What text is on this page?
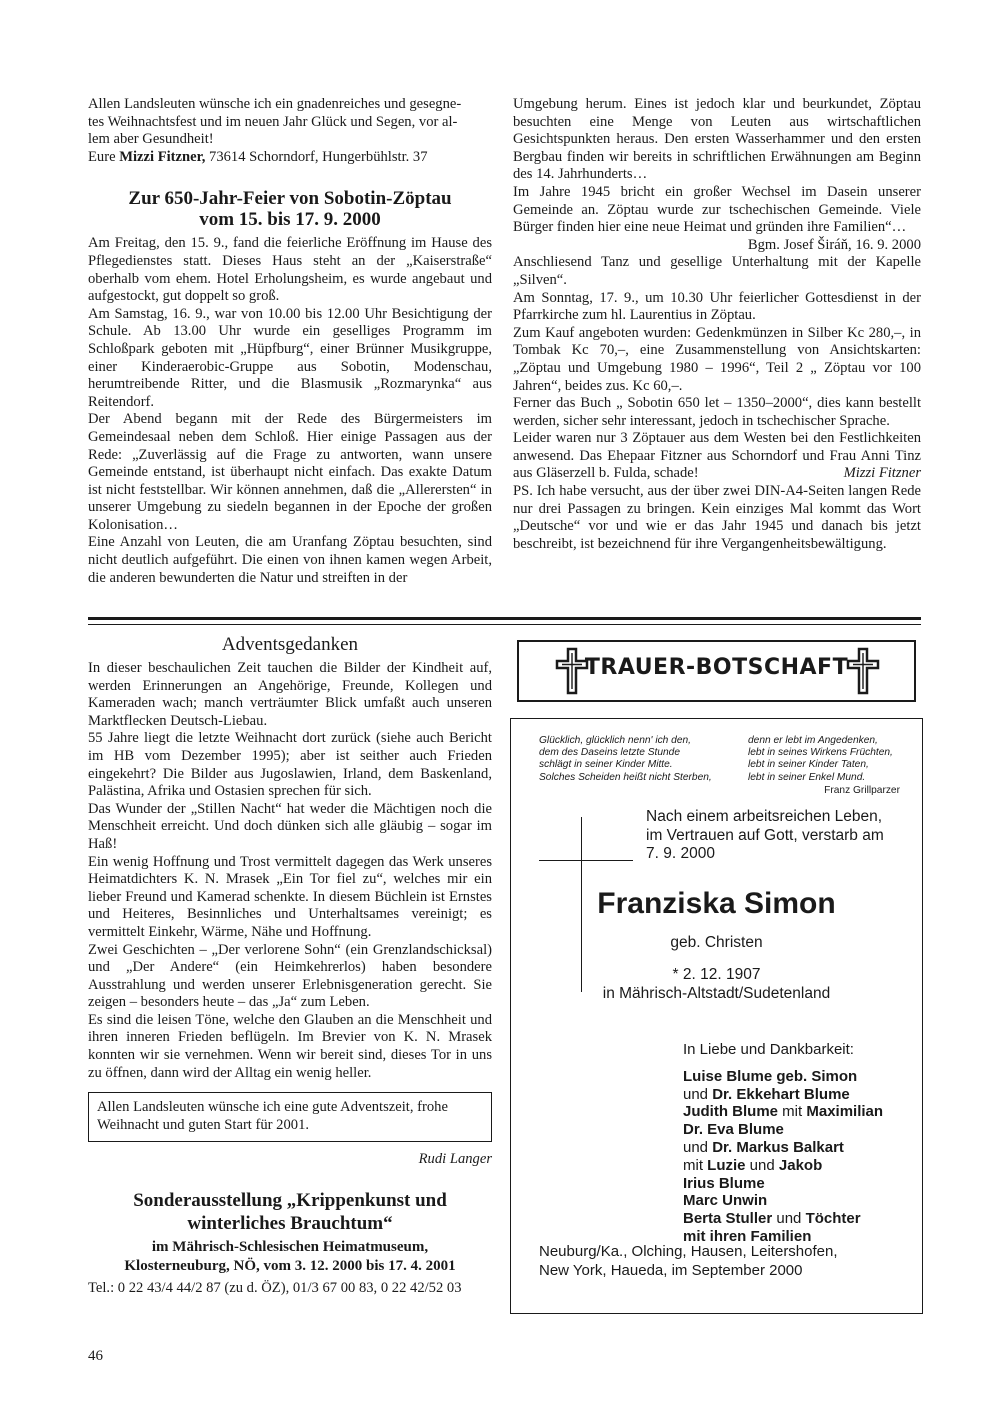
Allen Landsleuten wünsche ich ein gnadenreiches und gesegne-

tes Weihnachtsfest und im neuen Jahr Glück und Segen, vor al-

lem aber Gesundheit!

Eure Mizzi Fitzner, 73614 Schorndorf, Hungerbühlstr. 37

Zur 650-Jahr-Feier von Sobotin-Zöptau
vom 15. bis 17. 9. 2000

Am Freitag, den 15. 9., fand die feierliche Eröffnung im Hause des Pflegedienstes statt. Dieses Haus steht an der „Kaiserstraße“ oberhalb vom ehem. Hotel Erholungsheim, es wurde angebaut und aufgestockt, gut doppelt so groß.

Am Samstag, 16. 9., war von 10.00 bis 12.00 Uhr Besichtigung der Schule. Ab 13.00 Uhr wurde ein geselliges Programm im Schloßpark geboten mit „Hüpfburg“, einer Brünner Musikgruppe, einer Kinderaerobic-Gruppe aus Sobotin, Modenschau, herumtreibende Ritter, und die Blasmusik „Rozmarynka“ aus Reitendorf.

Der Abend begann mit der Rede des Bürgermeisters im Gemeindesaal neben dem Schloß. Hier einige Passagen aus der Rede: „Zuverlässig auf die Frage zu antworten, wann unsere Gemeinde entstand, ist überhaupt nicht einfach. Das exakte Datum ist nicht feststellbar. Wir können annehmen, daß die „Allerersten“ in unserer Umgebung zu siedeln begannen in der Epoche der großen Kolonisation…

Eine Anzahl von Leuten, die am Uranfang Zöptau besuchten, sind nicht deutlich aufgeführt. Die einen von ihnen kamen wegen Arbeit, die anderen bewunderten die Natur und streiften in der

Umgebung herum. Eines ist jedoch klar und beurkundet, Zöptau besuchten eine Menge von Leuten aus wirtschaftlichen Gesichtspunkten heraus. Den ersten Wasserhammer und den ersten Bergbau finden wir bereits in schriftlichen Erwähnungen am Beginn des 14. Jahrhunderts…

Im Jahre 1945 bricht ein großer Wechsel im Dasein unserer Gemeinde an. Zöptau wurde zur tschechischen Gemeinde. Viele Bürger finden hier eine neue Heimat und gründen ihre Familien“…
Bgm. Josef Širáň, 16. 9. 2000

Anschliesend Tanz und gesellige Unterhaltung mit der Kapelle „Silven“.

Am Sonntag, 17. 9., um 10.30 Uhr feierlicher Gottesdienst in der Pfarrkirche zum hl. Laurentius in Zöptau.

Zum Kauf angeboten wurden: Gedenkmünzen in Silber Kc 280,–, in Tombak Kc 70,–, eine Zusammenstellung von Ansichtskarten: „Zöptau und Umgebung 1980 – 1996“, Teil 2 „ Zöptau vor 100 Jahren“, beides zus. Kc 60,–.

Ferner das Buch „ Sobotin 650 let – 1350–2000“, dies kann bestellt werden, sicher sehr interessant, jedoch in tschechischer Sprache.

Leider waren nur 3 Zöptauer aus dem Westen bei den Festlichkeiten anwesend. Das Ehepaar Fitzner aus Schorndorf und Frau Anni Tinz aus Gläserzell b. Fulda, schade!	Mizzi Fitzner

PS. Ich habe versucht, aus der über zwei DIN-A4-Seiten langen Rede nur drei Passagen zu bringen. Kein einziges Mal kommt das Wort „Deutsche“ vor und wie er das Jahr 1945 und danach bis jetzt beschreibt, ist bezeichnend für ihre Vergangenheitsbewältigung.

Adventsgedanken

In dieser beschaulichen Zeit tauchen die Bilder der Kindheit auf, werden Erinnerungen an Angehörige, Freunde, Kollegen und Kameraden wach; manch verträumter Blick umfaßt auch unseren Marktflecken Deutsch-Liebau.

55 Jahre liegt die letzte Weihnacht dort zurück (siehe auch Bericht im HB vom Dezember 1995); aber ist seither auch Frieden eingekehrt? Die Bilder aus Jugoslawien, Irland, dem Baskenland, Palästina, Afrika und Ostasien sprechen für sich.

Das Wunder der „Stillen Nacht“ hat weder die Mächtigen noch die Menschheit erreicht. Und doch dünken sich alle gläubig – sogar im Haß!

Ein wenig Hoffnung und Trost vermittelt dagegen das Werk unseres Heimatdichters K. N. Mrasek „Ein Tor fiel zu“, welches mir ein lieber Freund und Kamerad schenkte. In diesem Büchlein ist Ernstes und Heiteres, Besinnliches und Unterhaltsames vereinigt; es vermittelt Einkehr, Wärme, Nähe und Hoffnung.

Zwei Geschichten – „Der verlorene Sohn“ (ein Grenzlandschicksal) und „Der Andere“ (ein Heimkehrerlos) haben besondere Ausstrahlung und werden unserer Erlebnisgeneration gerecht. Sie zeigen – besonders heute – das „Ja“ zum Leben.

Es sind die leisen Töne, welche den Glauben an die Menschheit und ihren inneren Frieden beflügeln. Im Brevier von K. N. Mrasek konnten wir sie vernehmen. Wenn wir bereit sind, dieses Tor in uns zu öffnen, dann wird der Alltag ein wenig heller.

Allen Landsleuten wünsche ich eine gute Adventszeit, frohe Weihnacht und guten Start für 2001.
Rudi Langer
Sonderausstellung „Krippenkunst und
winterliches Brauchtum“
im Mährisch-Schlesischen Heimatmuseum,
Klosterneuburg, NÖ, vom 3. 12. 2000 bis 17. 4. 2001
Tel.: 0 22 43/4 44/2 87 (zu d. ÖZ), 01/3 67 00 83, 0 22 42/52 03
46
TRAUER-BOTSCHAFT

Glücklich, glücklich nenn' ich den,

dem des Daseins letzte Stunde

schlägt in seiner Kinder Mitte.

Solches Scheiden heißt nicht Sterben,

denn er lebt im Angedenken,

lebt in seines Wirkens Früchten,

lebt in seiner Kinder Taten,

lebt in seiner Enkel Mund.

Franz Grillparzer

Nach einem arbeitsreichen Leben,

im Vertrauen auf Gott, verstarb am

7. 9. 2000

Franziska Simon
geb. Christen

* 2. 12. 1907

in Mährisch-Altstadt/Sudetenland

In Liebe und Dankbarkeit:

Luise Blume geb. Simon

und Dr. Ekkehart Blume

Judith Blume mit Maximilian

Dr. Eva Blume

und Dr. Markus Balkart

mit Luzie und Jakob

Irius Blume

Marc Unwin

Berta Stuller und Töchter

mit ihren Familien

Neuburg/Ka., Olching, Hausen, Leitershofen,

New York, Haueda, im September 2000
